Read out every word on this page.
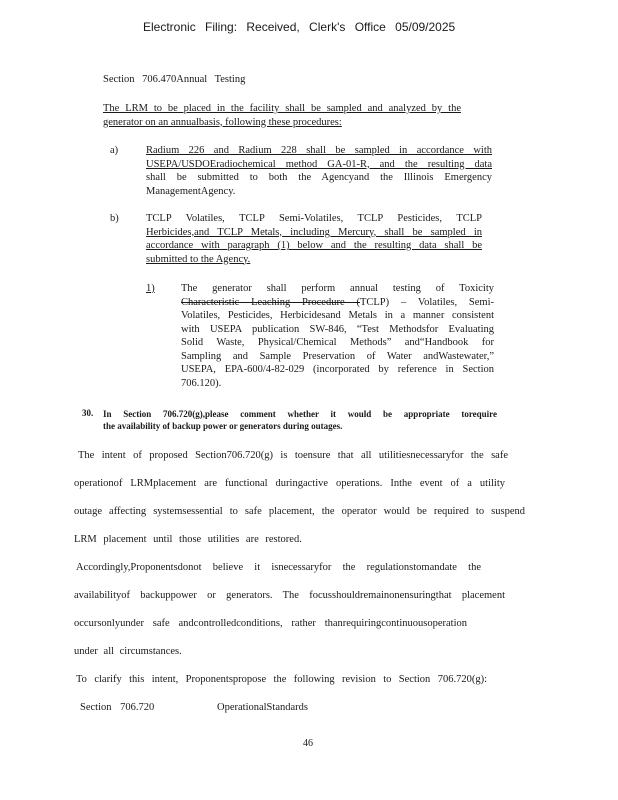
Electronic Filing: Received, Clerk's Office 05/09/2025
Section 706.470Annual Testing
The LRM to be placed in the facility shall be sampled and analyzed by the
generator on an annualbasis, following these procedures:
a)	Radium 226 and Radium 228 shall be sampled in accordance with
USEPA/USDOEradiochemical method GA-01-R, and the resulting data
shall be submitted to both the Agencyand the Illinois Emergency
ManagementAgency.
b)	TCLP Volatiles, TCLP Semi-Volatiles, TCLP Pesticides, TCLP
Herbicides,and TCLP Metals, including Mercury, shall be sampled in
accordance with paragraph (1) below and the resulting data shall be
submitted to the Agency.
1)	The generator shall perform annual testing of Toxicity
Characteristic Leaching Procedure (TCLP) – Volatiles, Semi-
Volatiles, Pesticides, Herbicidesand Metals in a manner consistent
with USEPA publication SW-846, “Test Methodsfor Evaluating
Solid Waste, Physical/Chemical Methods” and“Handbook for
Sampling and Sample Preservation of Water andWastewater,”
USEPA, EPA-600/4-82-029 (incorporated by reference in Section
706.120).
30. In Section 706.720(g),please comment whether it would be appropriate torequire
the availability of backup power or generators during outages.
The intent of proposed Section706.720(g) is toensure that all utilitiesnecessaryfor the safe
operationof LRMplacement are functional duringactive operations. Inthe event of a utility
outage affecting systemsessential to safe placement, the operator would be required to suspend
LRM placement until those utilities are restored.
Accordingly,Proponentsdonot believe it isnecessaryfor the regulationstomandate the
availabilityof backuppower or generators. The focusshouldremainonensuringthat placement
occursonlyunder safe andcontrolledconditions, rather thanrequiringcontinuousoperation
under all circumstances.
To clarify this intent, Proponentspropose the following revision to Section 706.720(g):
Section 706.720	OperationalStandards
46
